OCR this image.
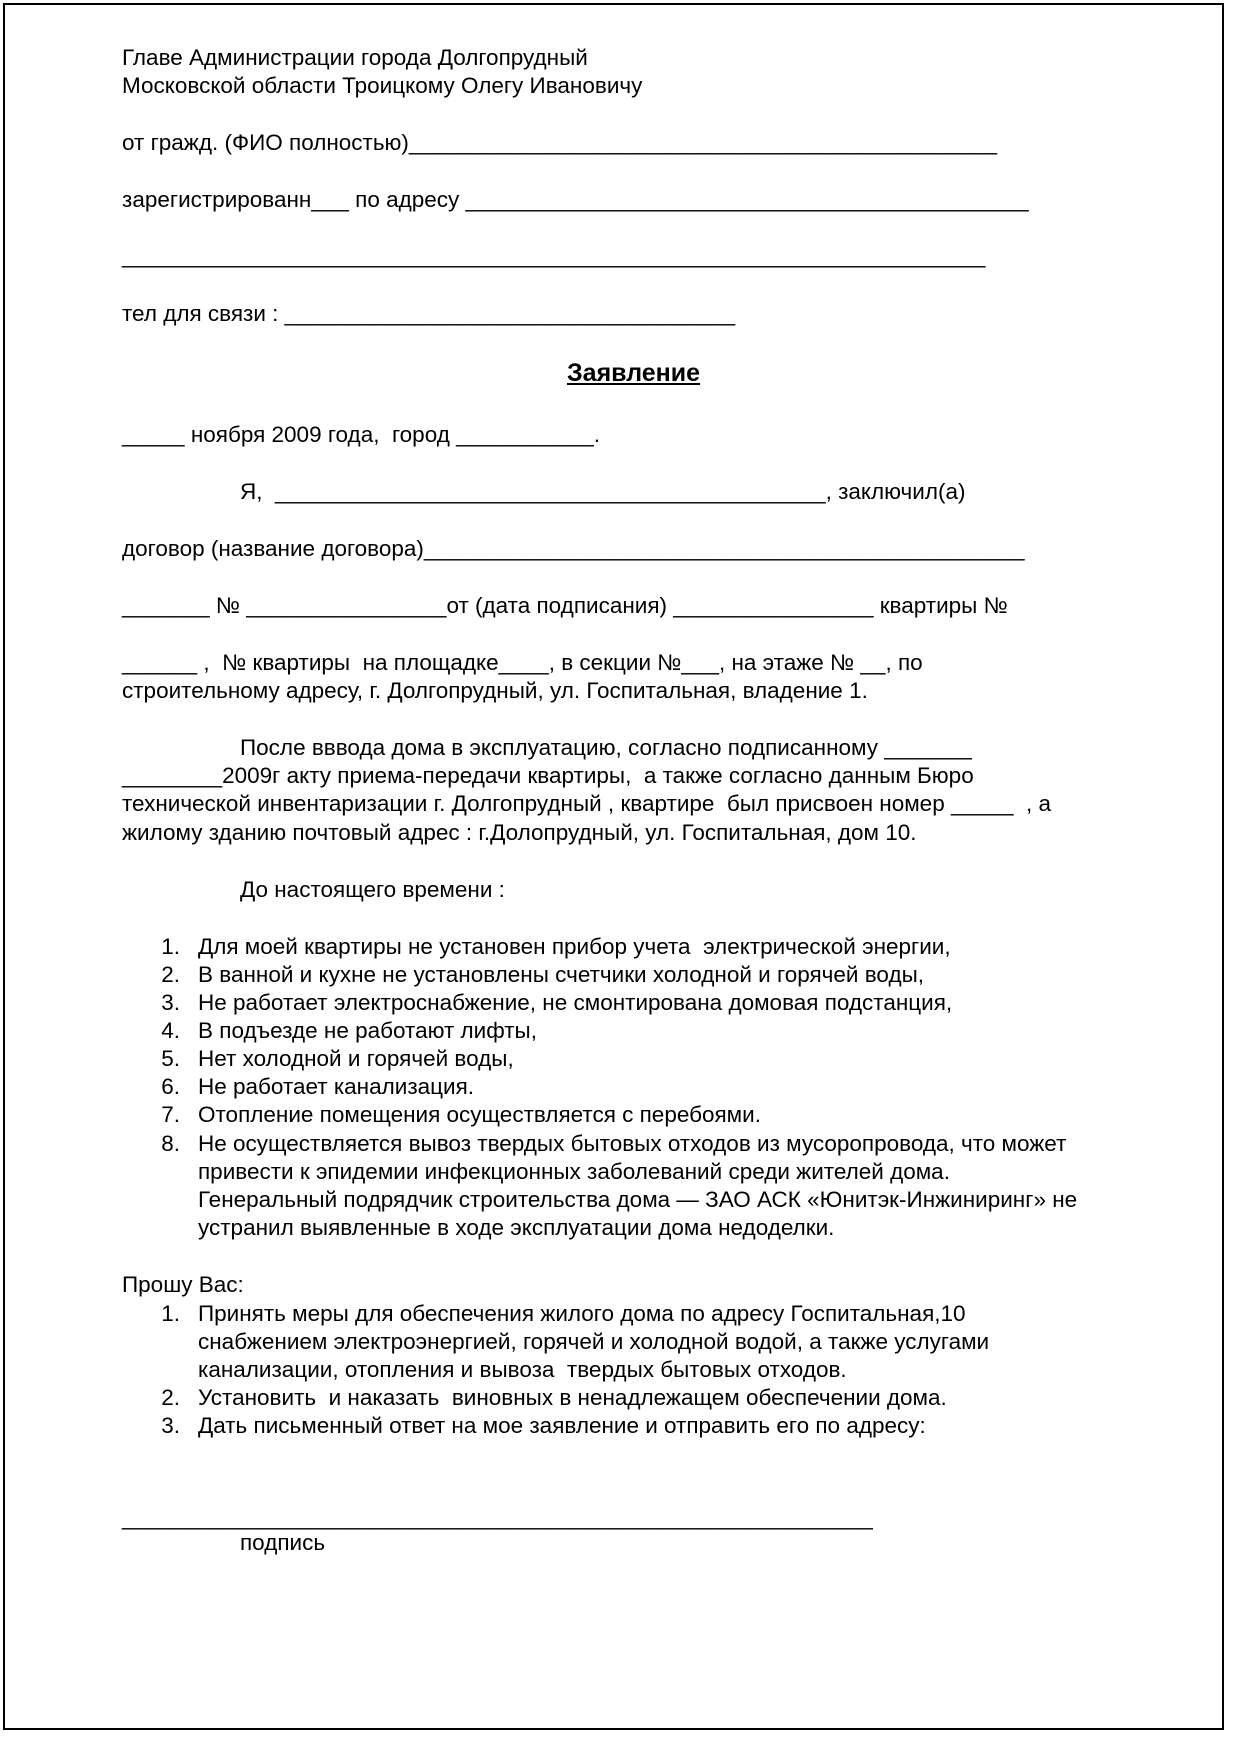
Главе Администрации города Долгопрудный
Московской области Троицкому Олегу Ивановичу
от гражд. (ФИО полностью)_______________________________________________
зарегистрированн___ по адресу _____________________________________________
_____________________________________________________________________
тел для связи : ____________________________________
Заявление
_____ ноября 2009 года,  город ___________.
Я,  ____________________________________________, заключил(а)
договор (название договора)________________________________________________
_______ № ________________от (дата подписания) ________________ квартиры №
______ ,  № квартиры  на площадке____, в секции №___, на этаже № __, по
строительному адресу, г. Долгопрудный, ул. Госпитальная, владение 1.
После вввода дома в эксплуатацию, согласно подписанному _______
________2009г акту приема-передачи квартиры,  а также согласно данным Бюро
технической инвентаризации г. Долгопрудный , квартире  был присвоен номер _____  , а
жилому зданию почтовый адрес : г.Долопрудный, ул. Госпитальная, дом 10.
До настоящего времени :
1. Для моей квартиры не установен прибор учета  электрической энергии,
2. В ванной и кухне не установлены счетчики холодной и горячей воды,
3. Не работает электроснабжение, не смонтирована домовая подстанция,
4. В подъезде не работают лифты,
5. Нет холодной и горячей воды,
6. Не работает канализация.
7. Отопление помещения осуществляется с перебоями.
8. Не осуществляется вывоз твердых бытовых отходов из мусоропровода, что может
привести к эпидемии инфекционных заболеваний среди жителей дома.
Генеральный подрядчик строительства дома — ЗАО АСК «Юнитэк-Инжиниринг» не
устранил выявленные в ходе эксплуатации дома недоделки.
Прошу Вас:
1. Принять меры для обеспечения жилого дома по адресу Госпитальная,10
снабжением электроэнергией, горячей и холодной водой, а также услугами
канализации, отопления и вывоза  твердых бытовых отходов.
2. Установить  и наказать  виновных в ненадлежащем обеспечении дома.
3. Дать письменный ответ на мое заявление и отправить его по адресу:
____________________________________________________________
подпись
